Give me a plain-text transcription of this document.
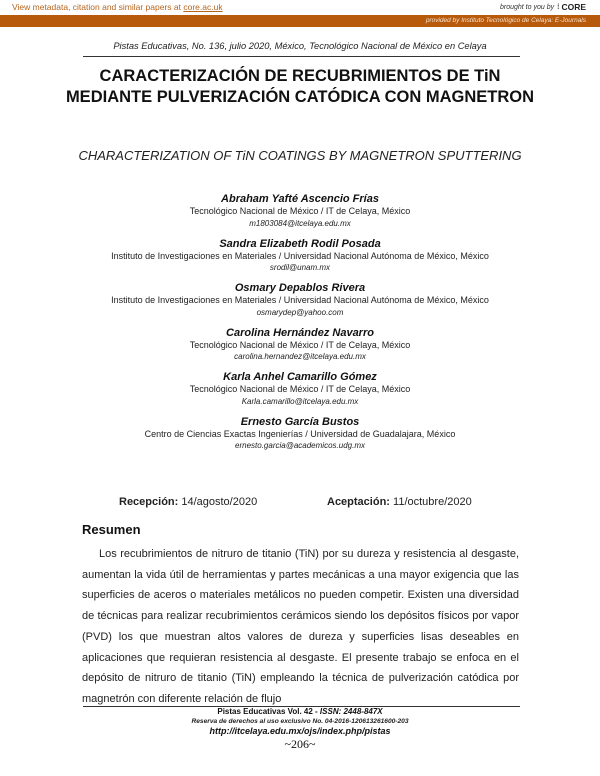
View metadata, citation and similar papers at core.ac.uk	brought to you by ⁞ CORE
provided by Instituto Tecnológico de Celaya: E-Journals
Pistas Educativas, No. 136, julio 2020, México, Tecnológico Nacional de México en Celaya
CARACTERIZACIÓN DE RECUBRIMIENTOS DE TiN MEDIANTE PULVERIZACIÓN CATÓDICA CON MAGNETRON
CHARACTERIZATION OF TiN COATINGS BY MAGNETRON SPUTTERING
Abraham Yafté Ascencio Frías
Tecnológico Nacional de México / IT de Celaya, México
m1803084@itcelaya.edu.mx
Sandra Elizabeth Rodil Posada
Instituto de Investigaciones en Materiales / Universidad Nacional Autónoma de México, México
srodil@unam.mx
Osmary Depablos Rivera
Instituto de Investigaciones en Materiales / Universidad Nacional Autónoma de México, México
osmarydep@yahoo.com
Carolina Hernández Navarro
Tecnológico Nacional de México / IT de Celaya, México
carolina.hernandez@itcelaya.edu.mx
Karla Anhel Camarillo Gómez
Tecnológico Nacional de México / IT de Celaya, México
Karla.camarillo@itcelaya.edu.mx
Ernesto García Bustos
Centro de Ciencias Exactas Ingenierías / Universidad de Guadalajara, México
ernesto.garcia@academicos.udg.mx
Recepción: 14/agosto/2020	Aceptación: 11/octubre/2020
Resumen

Los recubrimientos de nitruro de titanio (TiN) por su dureza y resistencia al desgaste, aumentan la vida útil de herramientas y partes mecánicas a una mayor exigencia que las superficies de aceros o materiales metálicos no pueden competir. Existen una diversidad de técnicas para realizar recubrimientos cerámicos siendo los depósitos físicos por vapor (PVD) los que muestran altos valores de dureza y superficies lisas deseables en aplicaciones que requieran resistencia al desgaste. El presente trabajo se enfoca en el depósito de nitruro de titanio (TiN) empleando la técnica de pulverización catódica por magnetrón con diferente relación de flujo

Pistas Educativas Vol. 42 - ISSN: 2448-847X
Reserva de derechos al uso exclusivo No. 04-2016-120613261600-203
http://itcelaya.edu.mx/ojs/index.php/pistas
~206~
